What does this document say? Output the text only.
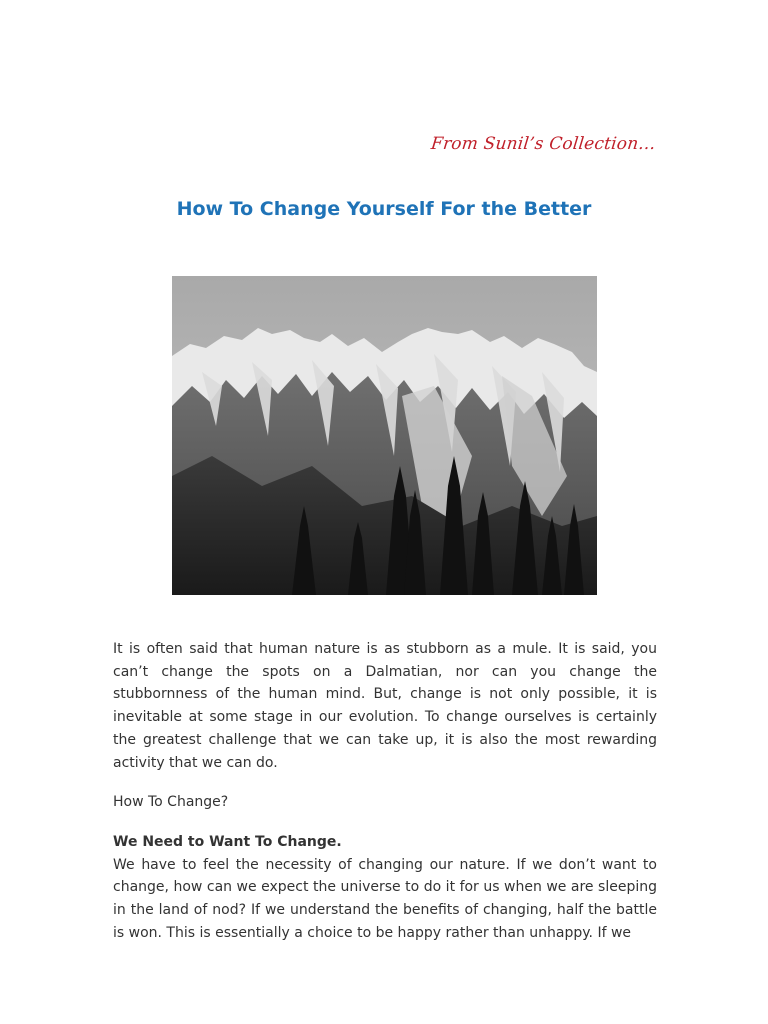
From Sunil’s Collection…
How To Change Yourself For the Better

It is often said that human nature is as stubborn as a mule. It is said, you can’t change the spots on a Dalmatian, nor can you change the stubbornness of the human mind. But, change is not only possible, it is inevitable at some stage in our evolution. To change ourselves is certainly the greatest challenge that we can take up, it is also the most rewarding activity that we can do.

How To Change?

We Need to Want To Change.

We have to feel the necessity of changing our nature. If we don’t want to change, how can we expect the universe to do it for us when we are sleeping in the land of nod? If we understand the benefits of changing, half the battle is won. This is essentially a choice to be happy rather than unhappy. If we
